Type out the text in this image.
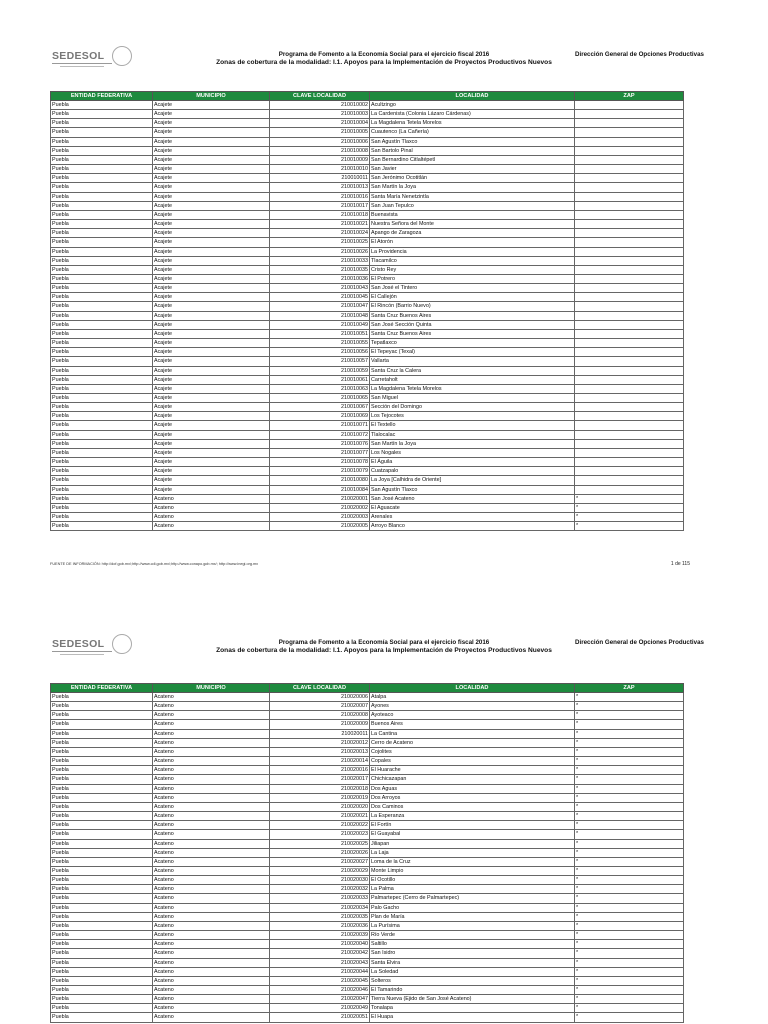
SEDESOL	Programa de Fomento a la Economía Social para el ejercicio fiscal 2016
Zonas de cobertura de la modalidad: I.1. Apoyos para la Implementación de Proyectos Productivos Nuevos
Dirección General de Opciones Productivas
ENTIDAD FEDERATIVA	MUNICIPIO	CLAVE LOCALIDAD	LOCALIDAD	ZAP
Puebla	Acajete	210010002	Acultzingo	
Puebla	Acajete	210010003	La Cardenista (Colonia Lázaro Cárdenas)	
Puebla	Acajete	210010004	La Magdalena Tetela Morelos	
Puebla	Acajete	210010005	Cuautenco (La Cañería)	
Puebla	Acajete	210010006	San Agustín Tlaxco	
Puebla	Acajete	210010008	San Bartolo Pinal	
Puebla	Acajete	210010009	San Bernardino Citlaltépetl	
Puebla	Acajete	210010010	San Javier	
Puebla	Acajete	210010011	San Jerónimo Ocotitlán	
Puebla	Acajete	210010013	San Martín la Joya	
Puebla	Acajete	210010016	Santa María Nenetzintla	
Puebla	Acajete	210010017	San Juan Tepulco	
Puebla	Acajete	210010018	Buenavista	
Puebla	Acajete	210010021	Nuestra Señora del Monte	
Puebla	Acajete	210010024	Apango de Zaragoza	
Puebla	Acajete	210010025	El Atorón	
Puebla	Acajete	210010026	La Providencia	
Puebla	Acajete	210010033	Tlacamilco	
Puebla	Acajete	210010035	Cristo Rey	
Puebla	Acajete	210010036	El Potrero	
Puebla	Acajete	210010043	San José el Tintero	
Puebla	Acajete	210010045	El Callejón	
Puebla	Acajete	210010047	El Rincón (Barrio Nuevo)	
Puebla	Acajete	210010048	Santa Cruz Buenos Aires	
Puebla	Acajete	210010049	San José Sección Quinta	
Puebla	Acajete	210010051	Santa Cruz Buenos Aires	
Puebla	Acajete	210010055	Tepatlaxco	
Puebla	Acajete	210010056	El Tepeyac (Texal)	
Puebla	Acajete	210010057	Vallarta	
Puebla	Acajete	210010059	Santa Cruz la Calera	
Puebla	Acajete	210010061	Carretaholt	
Puebla	Acajete	210010063	La Magdalena Tetela Morelos	
Puebla	Acajete	210010065	San Miguel	
Puebla	Acajete	210010067	Sección del Domingo	
Puebla	Acajete	210010069	Los Tejocotes	
Puebla	Acajete	210010071	El Textello	
Puebla	Acajete	210010072	Tlalocalac	
Puebla	Acajete	210010076	San Martín la Joya	
Puebla	Acajete	210010077	Los Nogales	
Puebla	Acajete	210010078	El Águila	
Puebla	Acajete	210010079	Cuatzapalo	
Puebla	Acajete	210010080	La Joya [Calhidra de Oriente]	
Puebla	Acajete	210010084	San Agustín Tlaxco	
Puebla	Acateno	210020001	San José Acateno	*
Puebla	Acateno	210020002	El Aguacate	*
Puebla	Acateno	210020003	Arenales	*
Puebla	Acateno	210020005	Arroyo Blanco	*
FUENTE DE INFORMACIÓN: http://dof.gob.mx/;http://www.cdi.gob.mx/;http://www.conapo.gob.mx/; http://www.inegi.org.mx	1 de 115
SEDESOL	Programa de Fomento a la Economía Social para el ejercicio fiscal 2016
Zonas de cobertura de la modalidad: I.1. Apoyos para la Implementación de Proyectos Productivos Nuevos
Dirección General de Opciones Productivas
ENTIDAD FEDERATIVA	MUNICIPIO	CLAVE LOCALIDAD	LOCALIDAD	ZAP
Puebla	Acateno	210020006	Atalpa	*
Puebla	Acateno	210020007	Ayones	*
Puebla	Acateno	210020008	Ayoteaco	*
Puebla	Acateno	210020009	Buenos Aires	*
Puebla	Acateno	210020011	La Cantina	*
Puebla	Acateno	210020012	Cerro de Acateno	*
Puebla	Acateno	210020013	Cojolites	*
Puebla	Acateno	210020014	Copales	*
Puebla	Acateno	210020016	El Huarache	*
Puebla	Acateno	210020017	Chichicazapan	*
Puebla	Acateno	210020018	Dos Aguas	*
Puebla	Acateno	210020019	Dos Arroyos	*
Puebla	Acateno	210020020	Dos Caminos	*
Puebla	Acateno	210020021	La Esperanza	*
Puebla	Acateno	210020022	El Fortín	*
Puebla	Acateno	210020023	El Guayabal	*
Puebla	Acateno	210020025	Jiliapan	*
Puebla	Acateno	210020026	La Laja	*
Puebla	Acateno	210020027	Loma de la Cruz	*
Puebla	Acateno	210020029	Monte Limpio	*
Puebla	Acateno	210020030	El Ocotillo	*
Puebla	Acateno	210020032	La Palma	*
Puebla	Acateno	210020033	Palmartepec (Cerro de Palmartepec)	*
Puebla	Acateno	210020034	Palo Gacho	*
Puebla	Acateno	210020035	Plan de María	*
Puebla	Acateno	210020036	La Purísima	*
Puebla	Acateno	210020039	Río Verde	*
Puebla	Acateno	210020040	Saltillo	*
Puebla	Acateno	210020042	San Isidro	*
Puebla	Acateno	210020043	Santa Elvira	*
Puebla	Acateno	210020044	La Soledad	*
Puebla	Acateno	210020045	Solteros	*
Puebla	Acateno	210020046	El Tamarindo	*
Puebla	Acateno	210020047	Tierra Nueva (Ejido de San José Acateno)	*
Puebla	Acateno	210020049	Tonalapa	*
Puebla	Acateno	210020051	El Huapa	*
